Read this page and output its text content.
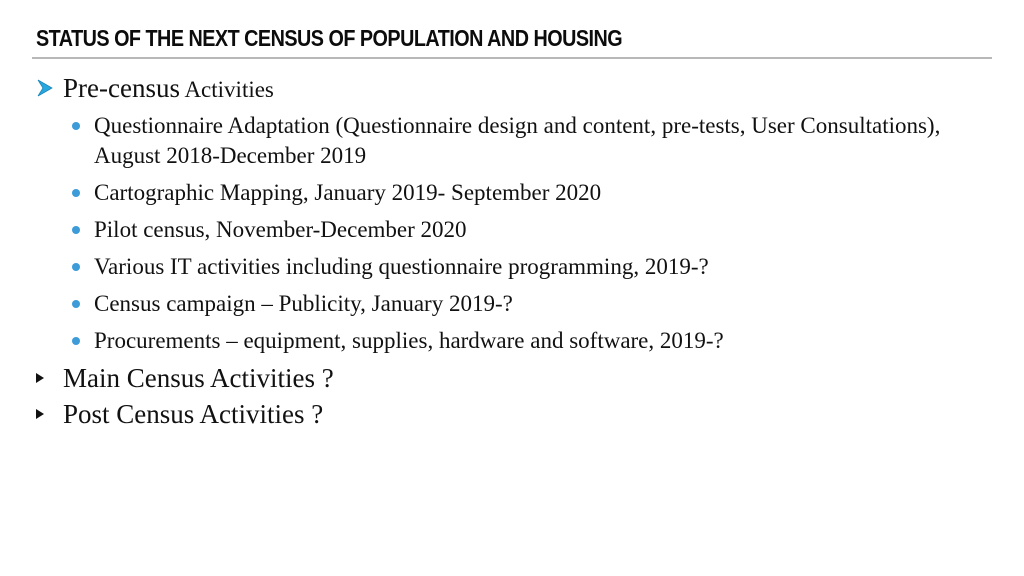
STATUS OF THE NEXT CENSUS OF POPULATION AND HOUSING
Pre-census Activities
Questionnaire Adaptation (Questionnaire design and content, pre-tests, User Consultations), August 2018-December 2019
Cartographic Mapping, January 2019- September 2020
Pilot census, November-December 2020
Various IT activities including questionnaire programming, 2019-?
Census campaign – Publicity, January 2019-?
Procurements – equipment, supplies, hardware and software, 2019-?
Main Census Activities ?
Post Census Activities ?
